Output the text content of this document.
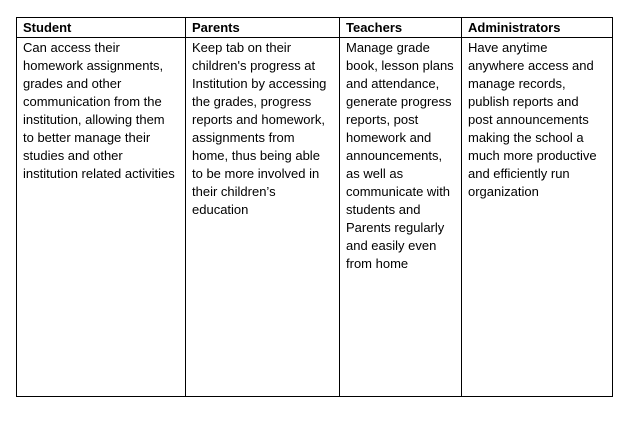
Student	Parents	Teachers	Administrators

Can access their homework assignments, grades and other communication from the institution, allowing them to better manage their studies and other institution related activities	Keep tab on their children's progress at Institution by accessing the grades, progress reports and homework, assignments from home, thus being able to be more involved in their children’s education	Manage grade book, lesson plans and attendance, generate progress reports, post homework and announcements, as well as communicate with students and Parents regularly and easily even from home	Have anytime anywhere access and manage records, publish reports and post announcements making the school a much more productive and efficiently run organization
